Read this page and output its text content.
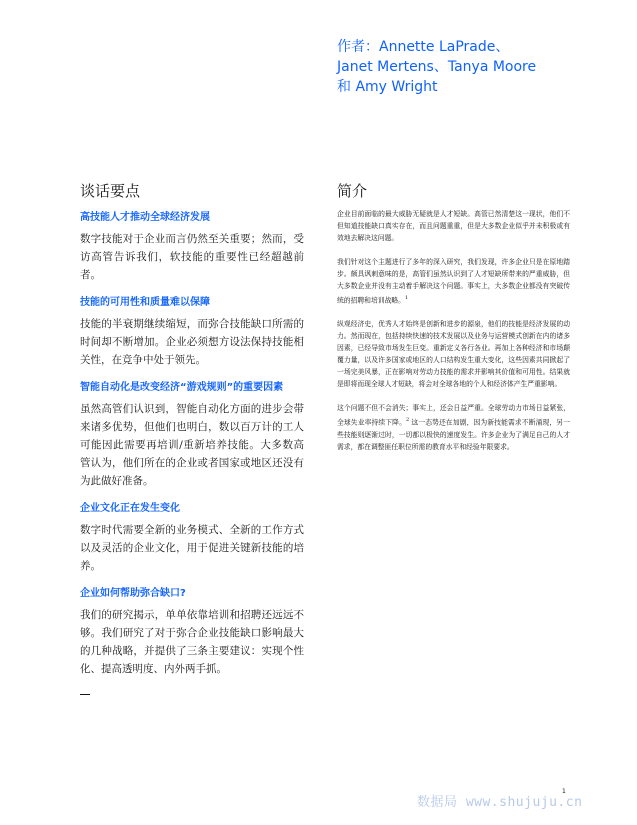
作者：Annette LaPrade、
Janet Mertens、Tanya Moore
和 Amy Wright
谈话要点	简介
高技能人才推动全球经济发展

数字技能对于企业而言仍然至关重要；然而，受访高管告诉我们，软技能的重要性已经超越前者。

技能的可用性和质量难以保障

技能的半衰期继续缩短，而弥合技能缺口所需的时间却不断增加。企业必须想方设法保持技能相关性，在竞争中处于领先。

智能自动化是改变经济“游戏规则”的重要因素

虽然高管们认识到，智能自动化方面的进步会带来诸多优势，但他们也明白，数以百万计的工人可能因此需要再培训/重新培养技能。大多数高管认为，他们所在的企业或者国家或地区还没有为此做好准备。

企业文化正在发生变化

数字时代需要全新的业务模式、全新的工作方式以及灵活的企业文化，用于促进关键新技能的培养。

企业如何帮助弥合缺口?

我们的研究揭示，单单依靠培训和招聘还远远不够。我们研究了对于弥合企业技能缺口影响最大的几种战略，并提供了三条主要建议：实现个性化、提高透明度、内外两手抓。

企业目前面临的最大威胁无疑就是人才短缺。高管已然清楚这一现状，他们不但知道技能缺口真实存在，而且问题重重，但是大多数企业似乎并未积极或有效地去解决这问题。

我们针对这个主题进行了多年的深入研究，我们发现，许多企业只是在原地踏步。颇具讽刺意味的是，高管们虽然认识到了人才短缺所带来的严重威胁，但大多数企业并没有主动着手解决这个问题。事实上，大多数企业都没有突破传统的招聘和培训战略。$^1$

纵观经济史，优秀人才始终是创新和进步的源泉，他们的技能是经济发展的动力。然而现在，包括持续快速的技术发展以及业务与运营模式创新在内的诸多因素，已经导致市场发生巨变。重新定义各行各业。再加上各种经济和市场颠覆力量，以及许多国家或地区的人口结构发生重大变化，这些因素共同掀起了一场完美风暴，正在影响对劳动力技能的需求并影响其价值和可用性。结果就是即将而现全球人才短缺，将会对全球各地的个人和经济体产生严重影响。

这个问题不但不会消失；事实上，还会日益严重。全球劳动力市场日益紧张，全球失业率持续下降。$^2$ 这一态势还在加剧，因为新技能需求不断涌现，另一些技能则逐渐过时，一切都以极快的速度发生。许多企业为了满足自己的人才需求，都在调整匪任职位所需的教育水平和经验年限要求。

1
数据局 www.shujuju.cn
